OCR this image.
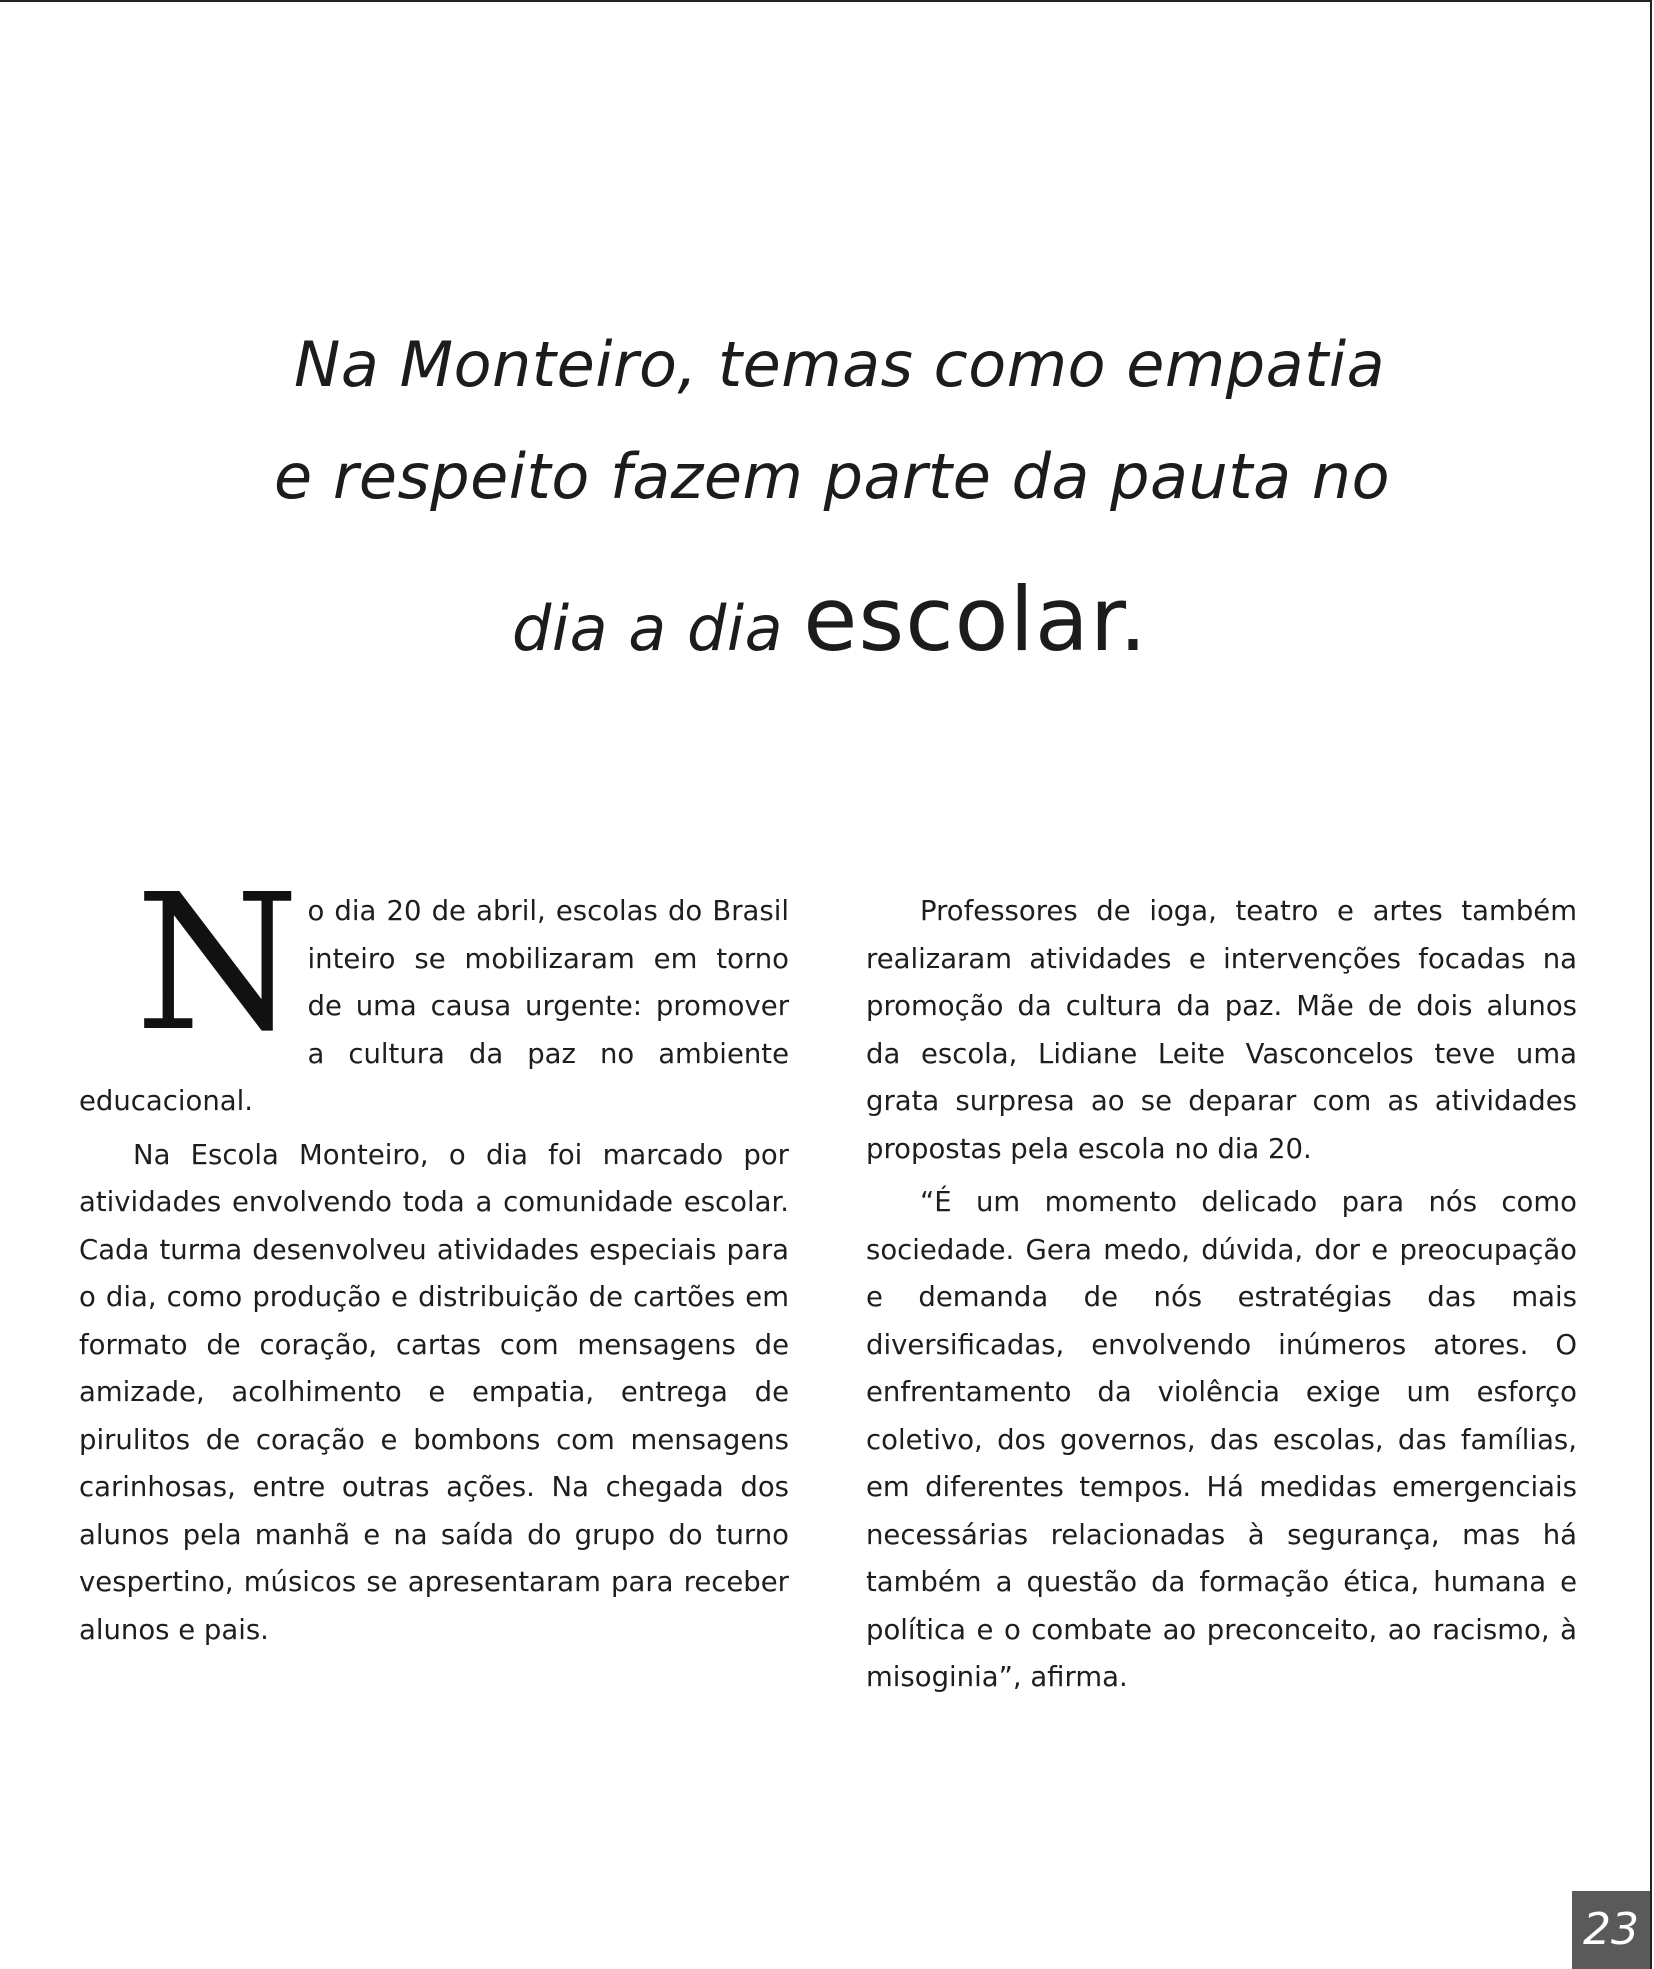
Na Monteiro, temas como empatia
e respeito fazem parte da pauta no
dia a dia escolar.

No dia 20 de abril, escolas do Brasil inteiro se mobilizaram em torno de uma causa urgente: promover a cultura da paz no ambiente educacional.

Na Escola Monteiro, o dia foi marcado por atividades envolvendo toda a comunidade escolar. Cada turma desenvolveu atividades especiais para o dia, como produção e distribuição de cartões em formato de coração, cartas com mensagens de amizade, acolhimento e empatia, entrega de pirulitos de coração e bombons com mensagens carinhosas, entre outras ações. Na chegada dos alunos pela manhã e na saída do grupo do turno vespertino, músicos se apresentaram para receber alunos e pais.

Professores de ioga, teatro e artes também realizaram atividades e intervenções focadas na promoção da cultura da paz. Mãe de dois alunos da escola, Lidiane Leite Vasconcelos teve uma grata surpresa ao se deparar com as atividades propostas pela escola no dia 20.

“É um momento delicado para nós como sociedade. Gera medo, dúvida, dor e preocupação e demanda de nós estratégias das mais diversificadas, envolvendo inúmeros atores. O enfrentamento da violência exige um esforço coletivo, dos governos, das escolas, das famílias, em diferentes tempos. Há medidas emergenciais necessárias relacionadas à segurança, mas há também a questão da formação ética, humana e política e o combate ao preconceito, ao racismo, à misoginia”, afirma.

23
